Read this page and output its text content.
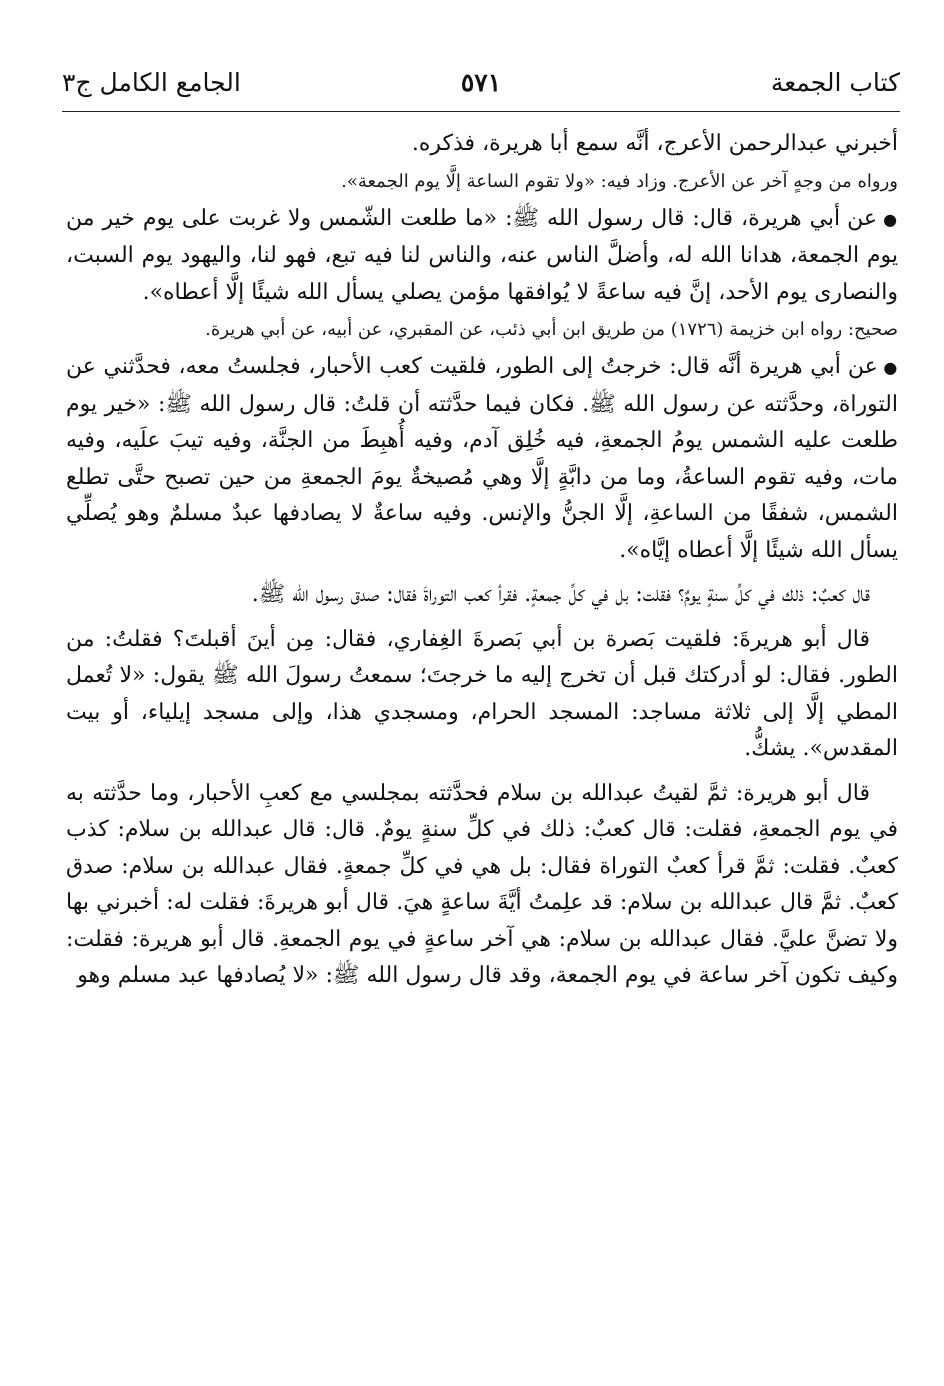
كتاب الجمعة
٥٧١
الجامع الكامل ج٣

أخبرني عبدالرحمن الأعرج، أنَّه سمع أبا هريرة، فذكره.

ورواه من وجهٍ آخر عن الأعرج. وزاد فيه: «ولا تقوم الساعة إلَّا يوم الجمعة».

● عن أبي هريرة، قال: قال رسول الله ﷺ: «ما طلعت الشّمس ولا غربت على يوم خير من يوم الجمعة، هدانا الله له، وأضلَّ الناس عنه، والناس لنا فيه تبع، فهو لنا، واليهود يوم السبت، والنصارى يوم الأحد، إنَّ فيه ساعةً لا يُوافقها مؤمن يصلي يسأل الله شيئًا إلَّا أعطاه».

صحيح: رواه ابن خزيمة (١٧٢٦) من طريق ابن أبي ذئب، عن المقبري، عن أبيه، عن أبي هريرة.

● عن أبي هريرة أنَّه قال: خرجتُ إلى الطور، فلقيت كعب الأحبار، فجلستُ معه، فحدَّثني عن التوراة، وحدَّثته عن رسول الله ﷺ. فكان فيما حدَّثته أن قلتُ: قال رسول الله ﷺ: «خير يوم طلعت عليه الشمس يومُ الجمعةِ، فيه خُلِق آدم، وفيه أُهبِطَ من الجنَّة، وفيه تيبَ علَيه، وفيه مات، وفيه تقوم الساعةُ، وما من دابَّةٍ إلَّا وهي مُصيخةٌ يومَ الجمعةِ من حين تصبح حتَّى تطلع الشمس، شفقًا من الساعةِ، إلَّا الجنُّ والإنس. وفيه ساعةٌ لا يصادفها عبدٌ مسلمٌ وهو يُصلِّي يسأل الله شيئًا إلَّا أعطاه إيَّاه».

قال كعبٌ: ذلك في كلِّ سنةٍ يومٌ؟ فقلت: بل في كلِّ جمعةٍ. فقرأ كعب التوراةَ فقال: صدق رسول الله ﷺ.

قال أبو هريرةَ: فلقيت بَصرة بن أبي بَصرةَ الغِفاري، فقال: مِن أينَ أقبلتَ؟ فقلتُ: من الطور. فقال: لو أدركتك قبل أن تخرج إليه ما خرجتَ؛ سمعتُ رسولَ الله ﷺ يقول: «لا تُعمل المطي إلَّا إلى ثلاثة مساجد: المسجد الحرام، ومسجدي هذا، وإلى مسجد إيلياء، أو بيت المقدس». يشكُّ.

قال أبو هريرة: ثمَّ لقيتُ عبدالله بن سلام فحدَّثته بمجلسي مع كعبِ الأحبار، وما حدَّثته به في يوم الجمعةِ، فقلت: قال كعبٌ: ذلك في كلِّ سنةٍ يومٌ. قال: قال عبدالله بن سلام: كذب كعبٌ. فقلت: ثمَّ قرأ كعبٌ التوراة فقال: بل هي في كلِّ جمعةٍ. فقال عبدالله بن سلام: صدق كعبٌ. ثمَّ قال عبدالله بن سلام: قد علِمتُ أيَّةَ ساعةٍ هيَ. قال أبو هريرةَ: فقلت له: أخبرني بها ولا تضنَّ عليَّ. فقال عبدالله بن سلام: هي آخر ساعةٍ في يوم الجمعةِ. قال أبو هريرة: فقلت: وكيف تكون آخر ساعة في يوم الجمعة، وقد قال رسول الله ﷺ: «لا يُصادفها عبد مسلم وهو
